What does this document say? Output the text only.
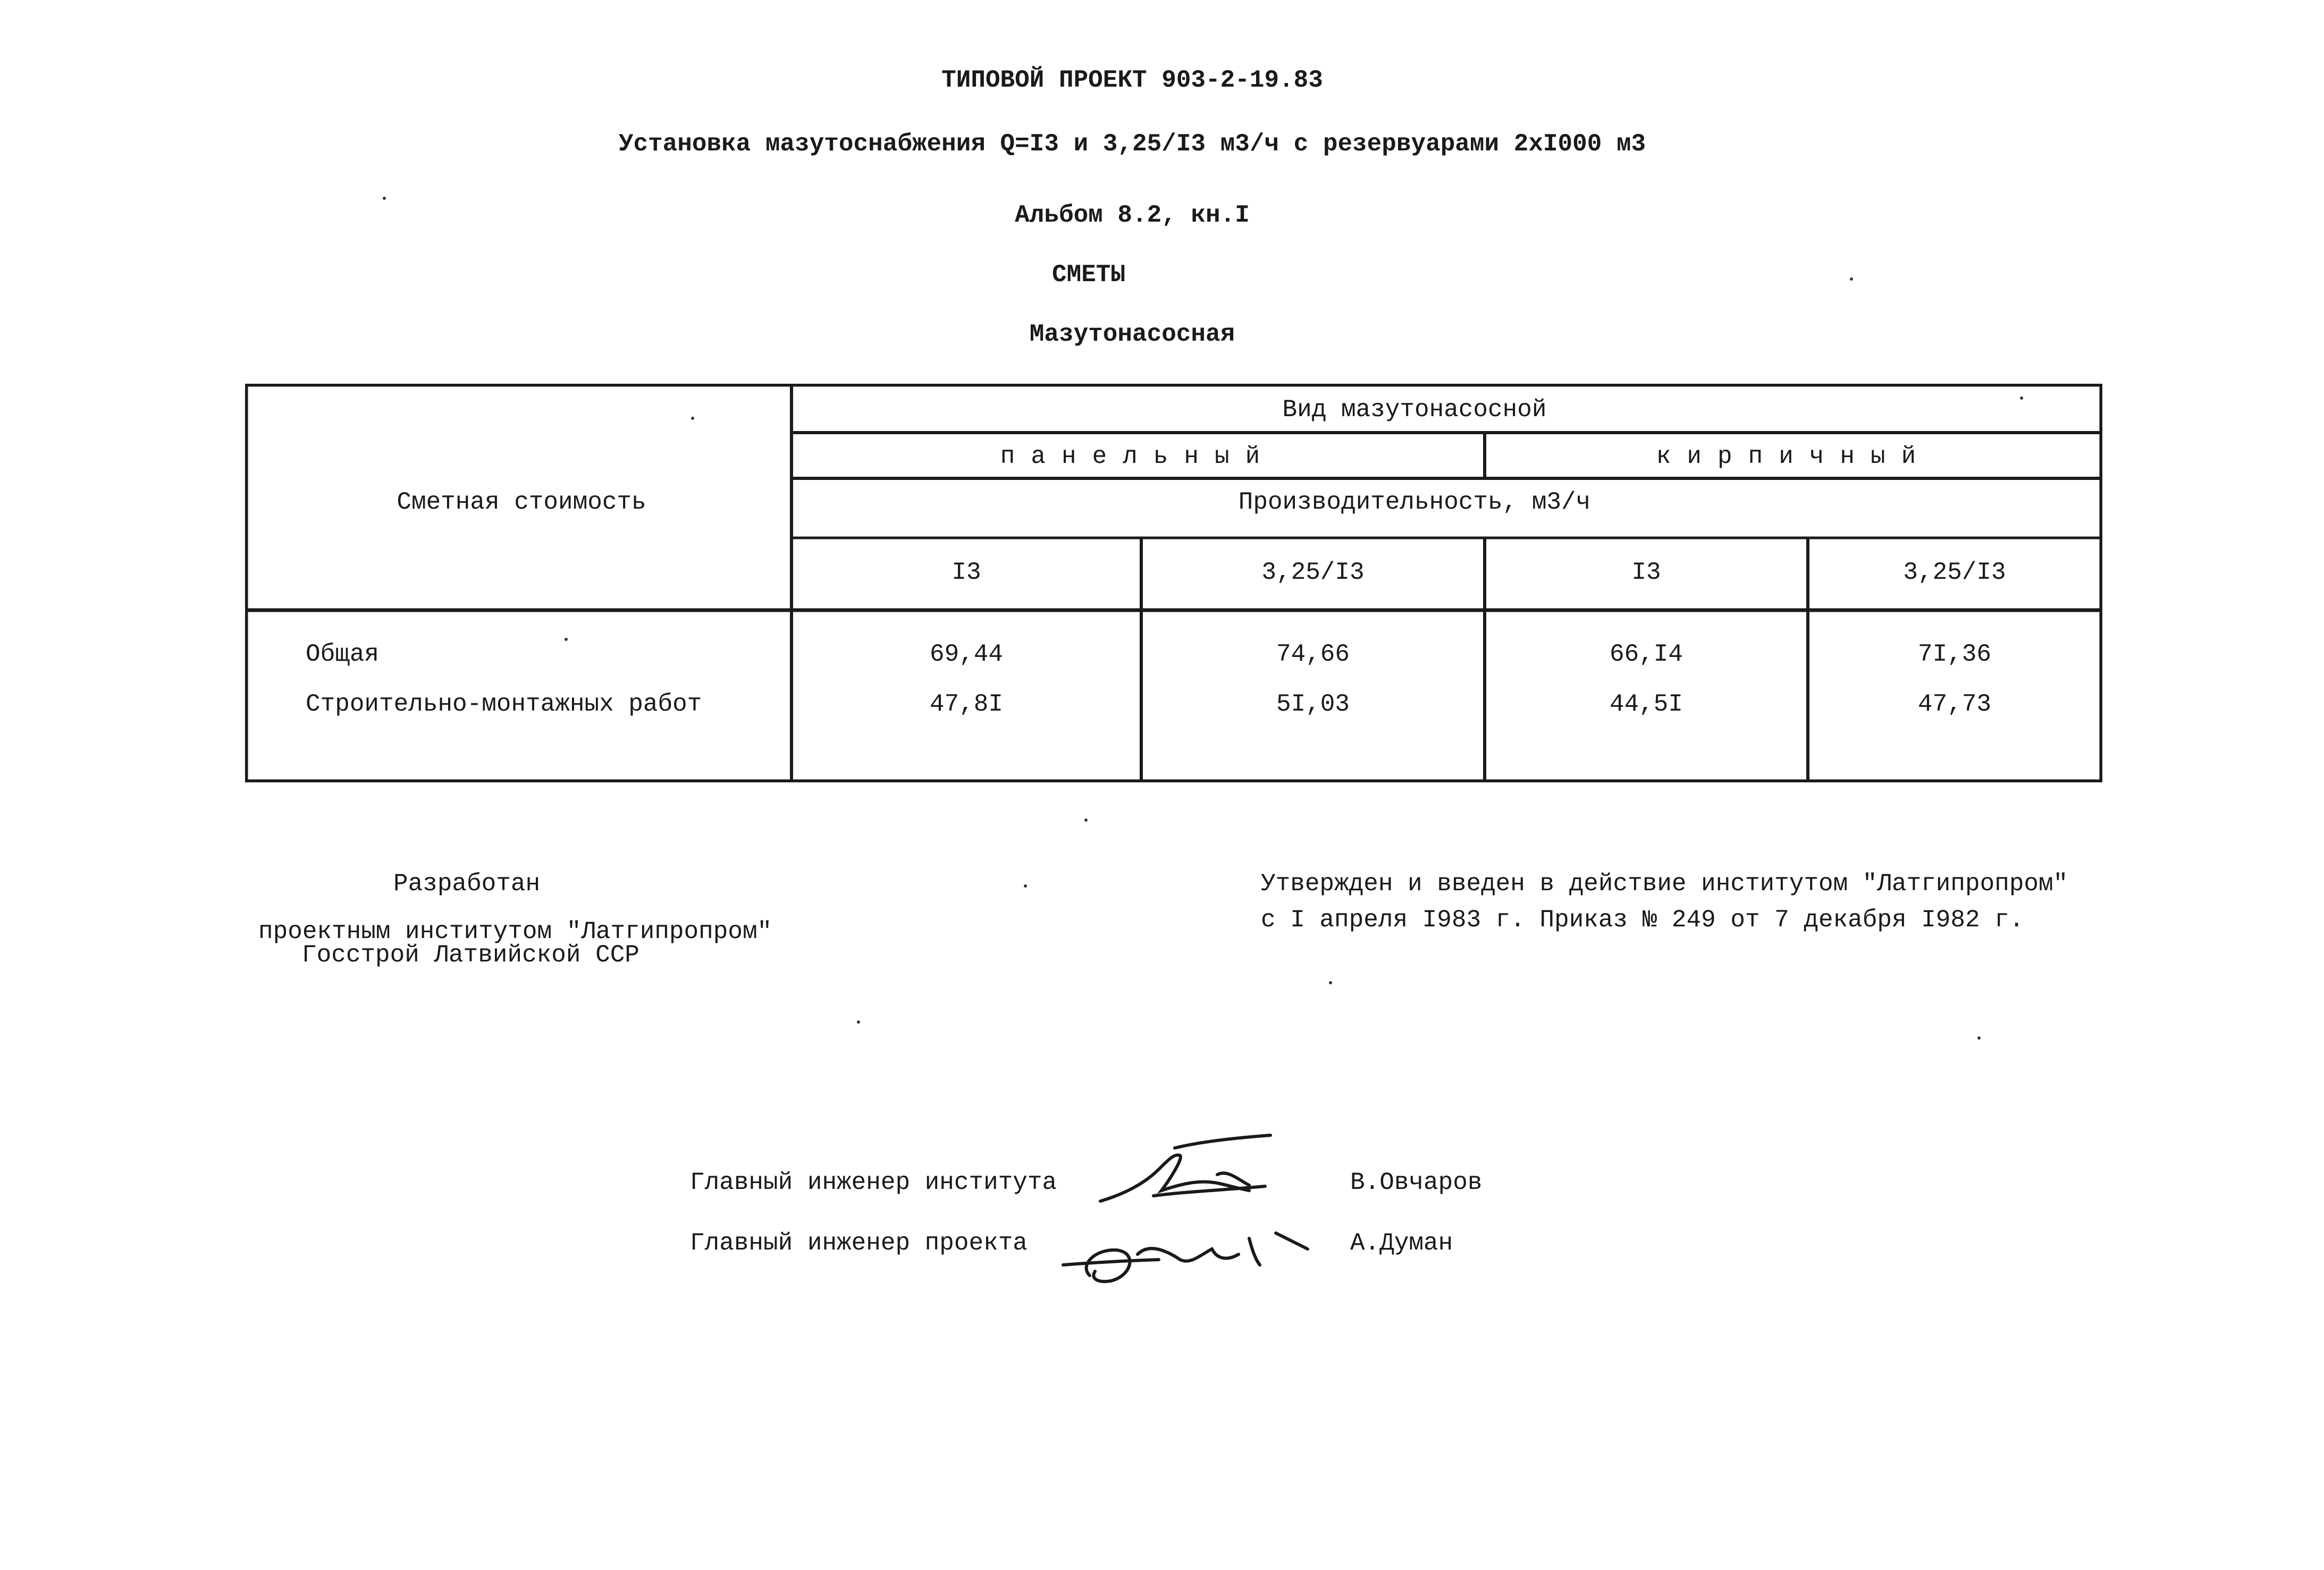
ТИПОВОЙ ПРОЕКТ 903-2-19.83
Установка мазутоснабжения Q=I3 и 3,25/I3 м3/ч с резервуарами 2хI000 м3
Альбом 8.2, кн.I
СМЕТЫ
Мазутонасосная
Сметная стоимость
Вид мазутонасосной
панельный	кирпичный
Производительность, м3/ч
I3	3,25/I3	I3	3,25/I3
Общая	69,44	74,66	66,I4	7I,36
Строительно-монтажных работ	47,8I	5I,03	44,5I	47,73
Разработан
проектным институтом "Латгипропром"
Госстрой Латвийской ССР
Утвержден и введен в действие институтом "Латгипропром"
с I апреля I983 г. Приказ № 249 от 7 декабря I982 г.
Главный инженер института	В.Овчаров
Главный инженер проекта	А.Думан
